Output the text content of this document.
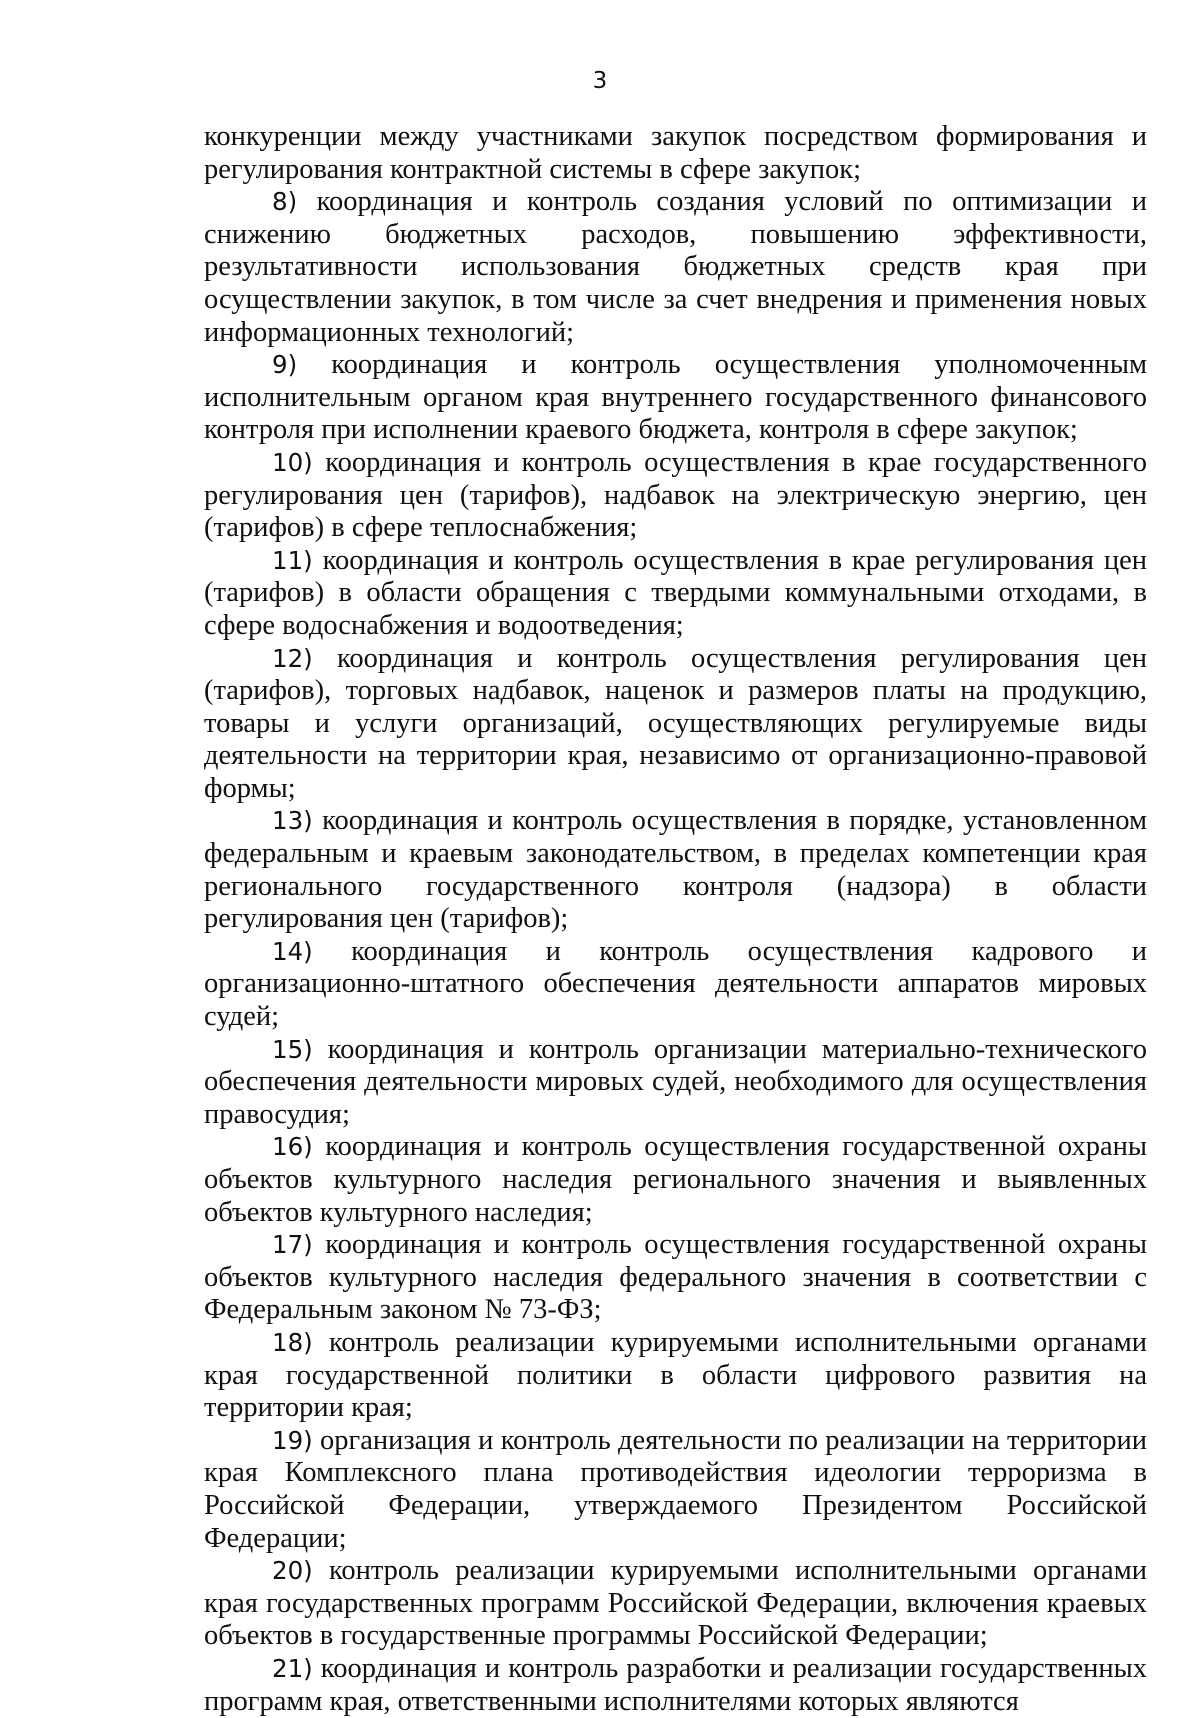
3

конкуренции между участниками закупок посредством формирования и регулирования контрактной системы в сфере закупок;

8) координация и контроль создания условий по оптимизации и снижению бюджетных расходов, повышению эффективности, результативности использования бюджетных средств края при осуществлении закупок, в том числе за счет внедрения и применения новых информационных технологий;

9) координация и контроль осуществления уполномоченным исполнительным органом края внутреннего государственного финансового контроля при исполнении краевого бюджета, контроля в сфере закупок;

10) координация и контроль осуществления в крае государственного регулирования цен (тарифов), надбавок на электрическую энергию, цен (тарифов) в сфере теплоснабжения;

11) координация и контроль осуществления в крае регулирования цен (тарифов) в области обращения с твердыми коммунальными отходами, в сфере водоснабжения и водоотведения;

12) координация и контроль осуществления регулирования цен (тарифов), торговых надбавок, наценок и размеров платы на продукцию, товары и услуги организаций, осуществляющих регулируемые виды деятельности на территории края, независимо от организационно-правовой формы;

13) координация и контроль осуществления в порядке, установленном федеральным и краевым законодательством, в пределах компетенции края регионального государственного контроля (надзора) в области регулирования цен (тарифов);

14) координация и контроль осуществления кадрового и организационно-штатного обеспечения деятельности аппаратов мировых судей;

15) координация и контроль организации материально-технического обеспечения деятельности мировых судей, необходимого для осуществления правосудия;

16) координация и контроль осуществления государственной охраны объектов культурного наследия регионального значения и выявленных объектов культурного наследия;

17) координация и контроль осуществления государственной охраны объектов культурного наследия федерального значения в соответствии с Федеральным законом № 73-ФЗ;

18) контроль реализации курируемыми исполнительными органами края государственной политики в области цифрового развития на территории края;

19) организация и контроль деятельности по реализации на территории края Комплексного плана противодействия идеологии терроризма в Российской Федерации, утверждаемого Президентом Российской Федерации;

20) контроль реализации курируемыми исполнительными органами края государственных программ Российской Федерации, включения краевых объектов в государственные программы Российской Федерации;

21) координация и контроль разработки и реализации государственных программ края, ответственными исполнителями которых являются
